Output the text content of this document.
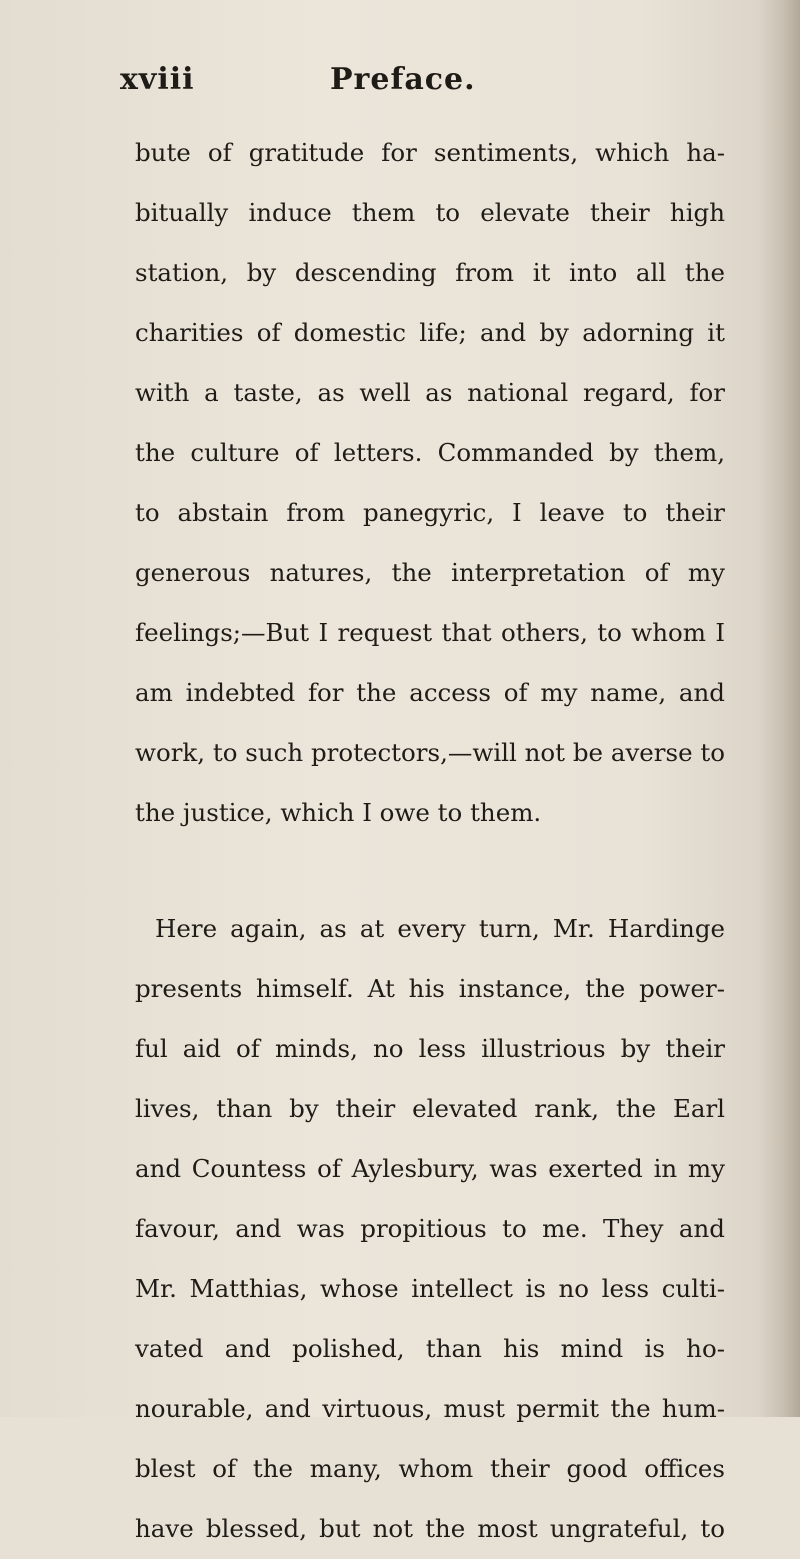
xviii	Preface.
bute of gratitude for sentiments, which ha-
bitually induce them to elevate their high
station, by descending from it into all the
charities of domestic life; and by adorning it
with a taste, as well as national regard, for
the culture of letters. Commanded by them,
to abstain from panegyric, I leave to their
generous natures, the interpretation of my
feelings;—But I request that others, to whom I
am indebted for the access of my name, and
work, to such protectors,—will not be averse to
the justice, which I owe to them.
Here again, as at every turn, Mr. Hardinge
presents himself. At his instance, the power-
ful aid of minds, no less illustrious by their
lives, than by their elevated rank, the Earl
and Countess of Aylesbury, was exerted in my
favour, and was propitious to me. They and
Mr. Matthias, whose intellect is no less culti-
vated and polished, than his mind is ho-
nourable, and virtuous, must permit the hum-
blest of the many, whom their good offices
have blessed, but not the most ungrateful, to
